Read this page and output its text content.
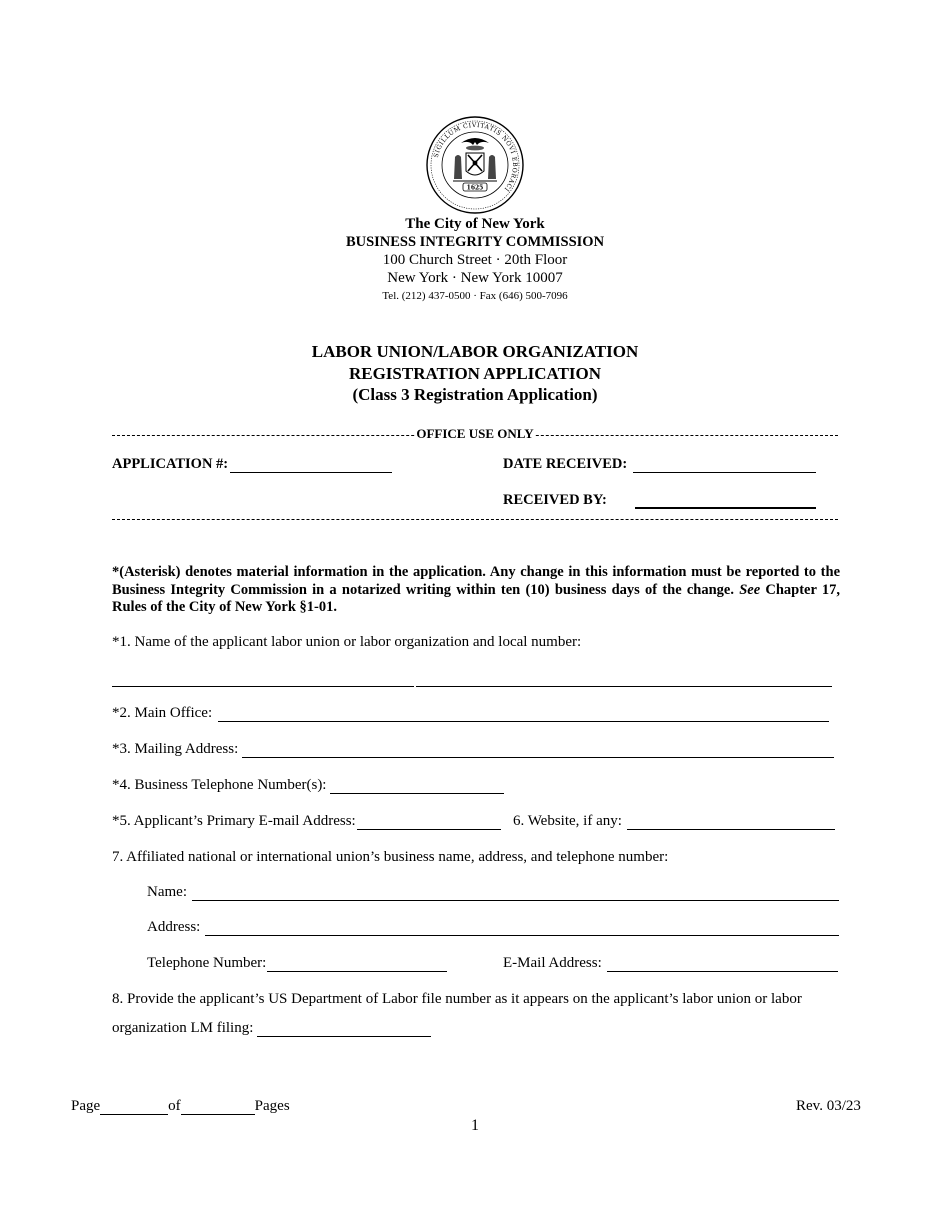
SIGILLUM CIVITATIS NOVI EBORACI
1625
The City of New York
BUSINESS INTEGRITY COMMISSION
100 Church Street · 20th Floor
New York · New York 10007
Tel. (212) 437-0500 · Fax (646) 500-7096
LABOR UNION/LABOR ORGANIZATION
REGISTRATION APPLICATION
(Class 3 Registration Application)
OFFICE USE ONLY
APPLICATION #:	DATE RECEIVED:
RECEIVED BY:
*(Asterisk) denotes material information in the application. Any change in this information must be reported to the Business Integrity Commission in a notarized writing within ten (10) business days of the change. See Chapter 17, Rules of the City of New York §1-01.
*1. Name of the applicant labor union or labor organization and local number:
*2. Main Office:
*3. Mailing Address:
*4. Business Telephone Number(s):
*5. Applicant’s Primary E-mail Address:	6. Website, if any:
7. Affiliated national or international union’s business name, address, and telephone number:
Name:
Address:
Telephone Number:	E-Mail Address:
8. Provide the applicant’s US Department of Labor file number as it appears on the applicant’s labor union or labor
organization LM filing:
Page	of	Pages	Rev. 03/23
1
